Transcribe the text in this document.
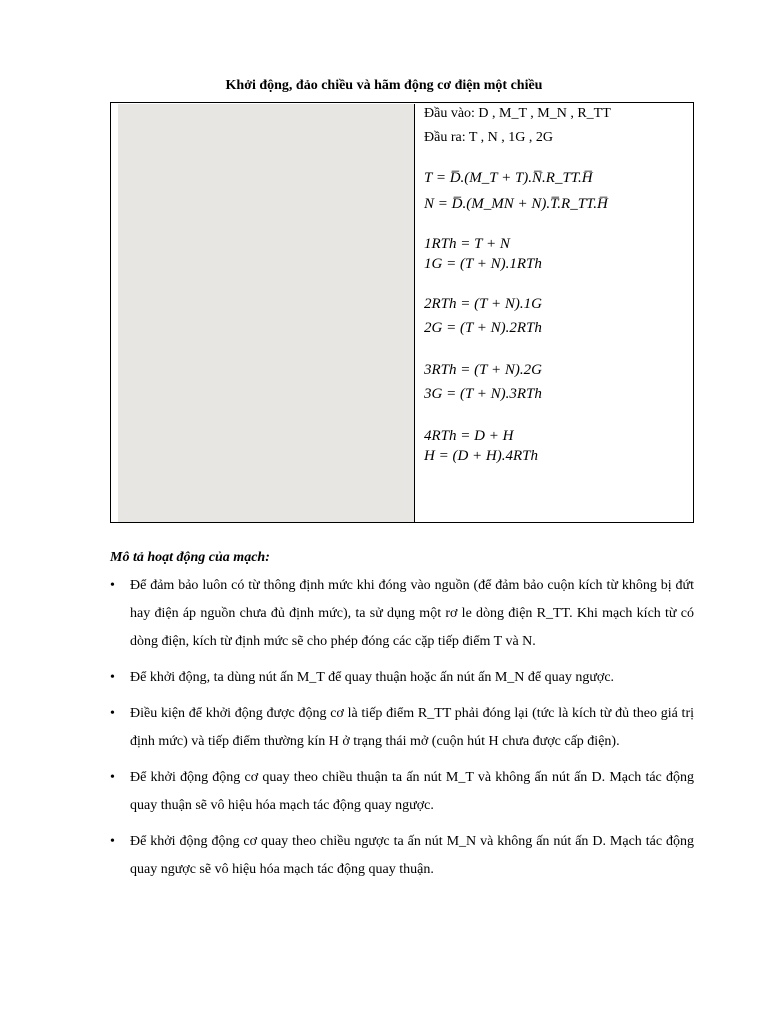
Khởi động, đảo chiều và hãm động cơ điện một chiều
Đầu vào: D , M_T , M_N , R_TT
Đầu ra: T , N , 1G , 2G
T = D̅.(M_T + T).N̅.R_TT.H̅
N = D̅.(M_MN + N).T̅.R_TT.H̅
1RTh = T + N
1G = (T + N).1RTh
2RTh = (T + N).1G
2G = (T + N).2RTh
3RTh = (T + N).2G
3G = (T + N).3RTh
4RTh = D + H
H = (D + H).4RTh
Mô tả hoạt động của mạch:
• Để đảm bảo luôn có từ thông định mức khi đóng vào nguồn (để đảm bảo cuộn kích từ không bị đứt hay điện áp nguồn chưa đủ định mức), ta sử dụng một rơ le dòng điện R_TT. Khi mạch kích từ có dòng điện, kích từ định mức sẽ cho phép đóng các cặp tiếp điểm T và N.
• Để khởi động, ta dùng nút ấn M_T để quay thuận hoặc ấn nút ấn M_N để quay ngược.
• Điều kiện để khởi động được động cơ là tiếp điểm R_TT phải đóng lại (tức là kích từ đủ theo giá trị định mức) và tiếp điểm thường kín H ở trạng thái mở (cuộn hút H chưa được cấp điện).
• Để khởi động động cơ quay theo chiều thuận ta ấn nút M_T và không ấn nút ấn D. Mạch tác động quay thuận sẽ vô hiệu hóa mạch tác động quay ngược.
• Để khởi động động cơ quay theo chiều ngược ta ấn nút M_N và không ấn nút ấn D. Mạch tác động quay ngược sẽ vô hiệu hóa mạch tác động quay thuận.
